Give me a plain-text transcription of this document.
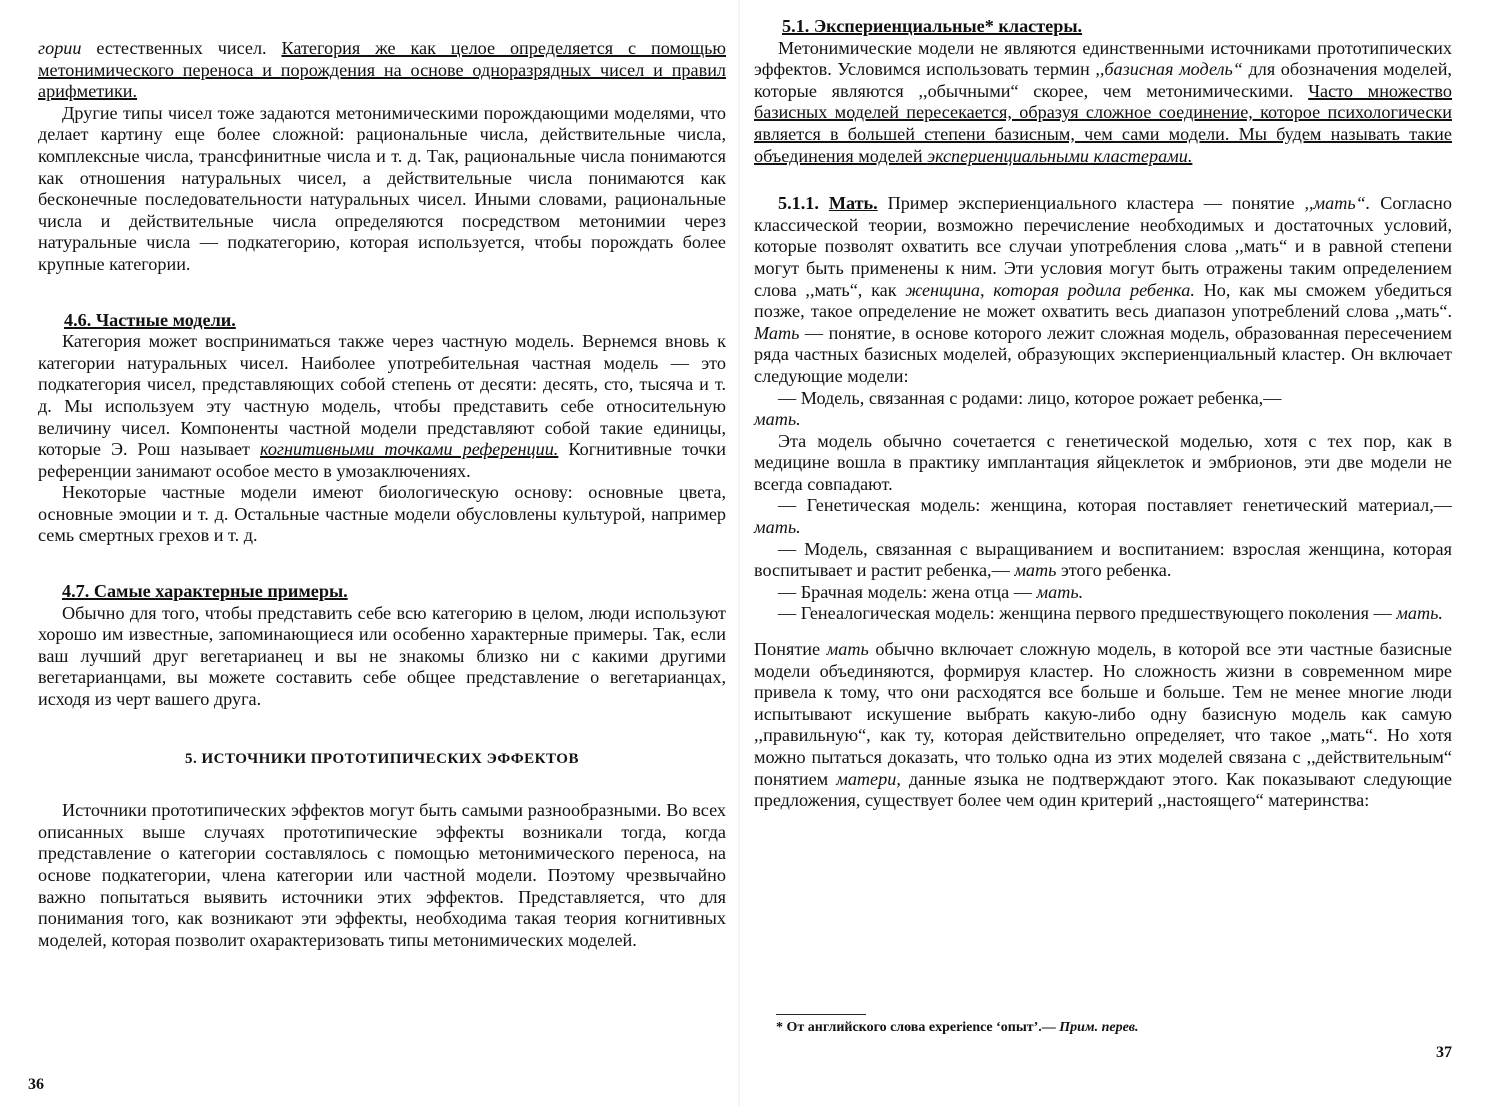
гории естественных чисел. Категория же как целое определяется с помощью метонимического переноса и порождения на основе одноразрядных чисел и правил арифметики.

Другие типы чисел тоже задаются метонимическими порождающими моделями, что делает картину еще более сложной: рациональные числа, действительные числа, комплексные числа, трансфинитные числа и т. д. Так, рациональные числа понимаются как отношения натуральных чисел, а действительные числа понимаются как бесконечные последовательности натуральных чисел. Иными словами, рациональные числа и действительные числа определяются посредством метонимии через натуральные числа — подкатегорию, которая используется, чтобы порождать более крупные категории.

4.6. Частные модели.

Категория может восприниматься также через частную модель. Вернемся вновь к категории натуральных чисел. Наиболее употребительная частная модель — это подкатегория чисел, представляющих собой степень от десяти: десять, сто, тысяча и т. д. Мы используем эту частную модель, чтобы представить себе относительную величину чисел. Компоненты частной модели представляют собой такие единицы, которые Э. Рош называет когнитивными точками референции. Когнитивные точки референции занимают особое место в умозаключениях.

Некоторые частные модели имеют биологическую основу: основные цвета, основные эмоции и т. д. Остальные частные модели обусловлены культурой, например семь смертных грехов и т. д.

4.7. Самые характерные примеры.

Обычно для того, чтобы представить себе всю категорию в целом, люди используют хорошо им известные, запоминающиеся или особенно характерные примеры. Так, если ваш лучший друг вегетарианец и вы не знакомы близко ни с какими другими вегетарианцами, вы можете составить себе общее представление о вегетарианцах, исходя из черт вашего друга.

5. ИСТОЧНИКИ ПРОТОТИПИЧЕСКИХ ЭФФЕКТОВ

Источники прототипических эффектов могут быть самыми разнообразными. Во всех описанных выше случаях прототипические эффекты возникали тогда, когда представление о категории составлялось с помощью метонимического переноса, на основе подкатегории, члена категории или частной модели. Поэтому чрезвычайно важно попытаться выявить источники этих эффектов. Представляется, что для понимания того, как возникают эти эффекты, необходима такая теория когнитивных моделей, которая позволит охарактеризовать типы метонимических моделей.

36
5.1. Экспериенциальные* кластеры.

Метонимические модели не являются единственными источниками прототипических эффектов. Условимся использовать термин ,,базисная модель“ для обозначения моделей, которые являются ,,обычными“ скорее, чем метонимическими. Часто множество базисных моделей пересекается, образуя сложное соединение, которое психологически является в большей степени базисным, чем сами модели. Мы будем называть такие объединения моделей экспериенциальными кластерами.

5.1.1. Мать. Пример экспериенциального кластера — понятие ,,мать“. Согласно классической теории, возможно перечисление необходимых и достаточных условий, которые позволят охватить все случаи употребления слова ,,мать“ и в равной степени могут быть применены к ним. Эти условия могут быть отражены таким определением слова ,,мать“, как женщина, которая родила ребенка. Но, как мы сможем убедиться позже, такое определение не может охватить весь диапазон употреблений слова ,,мать“. Мать — понятие, в основе которого лежит сложная модель, образованная пересечением ряда частных базисных моделей, образующих экспериенциальный кластер. Он включает следующие модели:

— Модель, связанная с родами: лицо, которое рожает ребенка,—

мать.

Эта модель обычно сочетается с генетической моделью, хотя с тех пор, как в медицине вошла в практику имплантация яйцеклеток и эмбрионов, эти две модели не всегда совпадают.

— Генетическая модель: женщина, которая поставляет генетический материал,— мать.

— Модель, связанная с выращиванием и воспитанием: взрослая женщина, которая воспитывает и растит ребенка,— мать этого ребенка.

— Брачная модель: жена отца — мать.

— Генеалогическая модель: женщина первого предшествующего поколения — мать.

Понятие мать обычно включает сложную модель, в которой все эти частные базисные модели объединяются, формируя кластер. Но сложность жизни в современном мире привела к тому, что они расходятся все больше и больше. Тем не менее многие люди испытывают искушение выбрать какую-либо одну базисную модель как самую ,,правильную“, как ту, которая действительно определяет, что такое ,,мать“. Но хотя можно пытаться доказать, что только одна из этих моделей связана с ,,действительным“ понятием матери, данные языка не подтверждают этого. Как показывают следующие предложения, существует более чем один критерий ,,настоящего“ материнства:

* От английского слова experience ‘опыт’.— Прим. перев.
37
